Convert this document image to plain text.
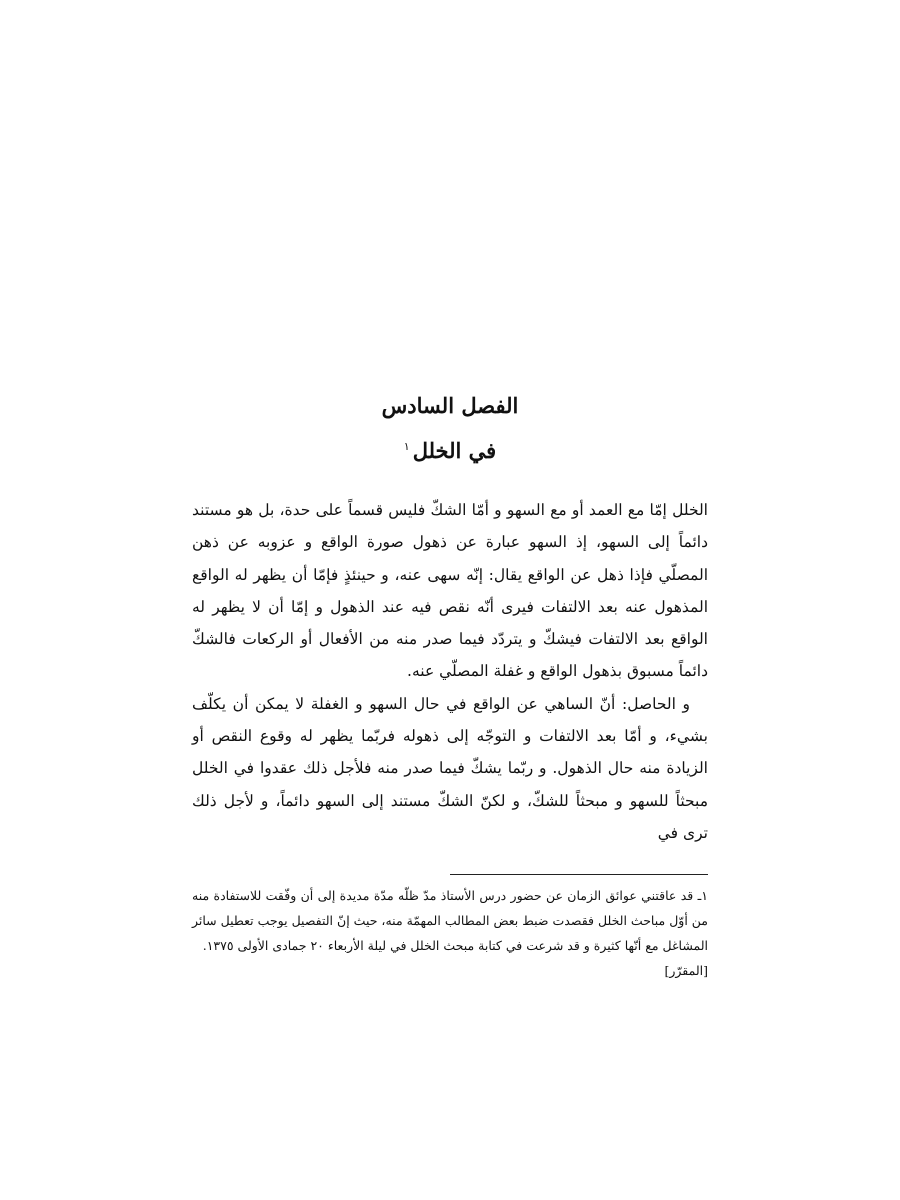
الفصل السادس
في الخلل$^١$

الخلل إمّا مع العمد أو مع السهو و أمّا الشكّ فليس قسماً على حدة، بل هو مستند دائماً إلى السهو، إذ السهو عبارة عن ذهول صورة الواقع و عزوبه عن ذهن المصلّي فإذا ذهل عن الواقع يقال: إنّه سهى عنه، و حينئذٍ فإمّا أن يظهر له الواقع المذهول عنه بعد الالتفات فيرى أنّه نقص فيه عند الذهول و إمّا أن لا يظهر له الواقع بعد الالتفات فيشكّ و يتردّد فيما صدر منه من الأفعال أو الركعات فالشكّ دائماً مسبوق بذهول الواقع و غفلة المصلّي عنه.

و الحاصل: أنّ الساهي عن الواقع في حال السهو و الغفلة لا يمكن أن يكلّف بشيء، و أمّا بعد الالتفات و التوجّه إلى ذهوله فربّما يظهر له وقوع النقص أو الزيادة منه حال الذهول. و ربّما يشكّ فيما صدر منه فلأجل ذلك عقدوا في الخلل مبحثاً للسهو و مبحثاً للشكّ، و لكنّ الشكّ مستند إلى السهو دائماً، و لأجل ذلك ترى في

١ـ قد عاقتني عوائق الزمان عن حضور درس الأستاذ مدّ ظلّه مدّة مديدة إلى أن وفّقت للاستفادة منه من أوّل مباحث الخلل فقصدت ضبط بعض المطالب المهمّة منه، حيث إنّ التفصيل يوجب تعطيل سائر المشاغل مع أنّها كثيرة و قد شرعت في كتابة مبحث الخلل في ليلة الأربعاء ٢٠ جمادى الأولى ١٣٧٥.

[المقرّر]
